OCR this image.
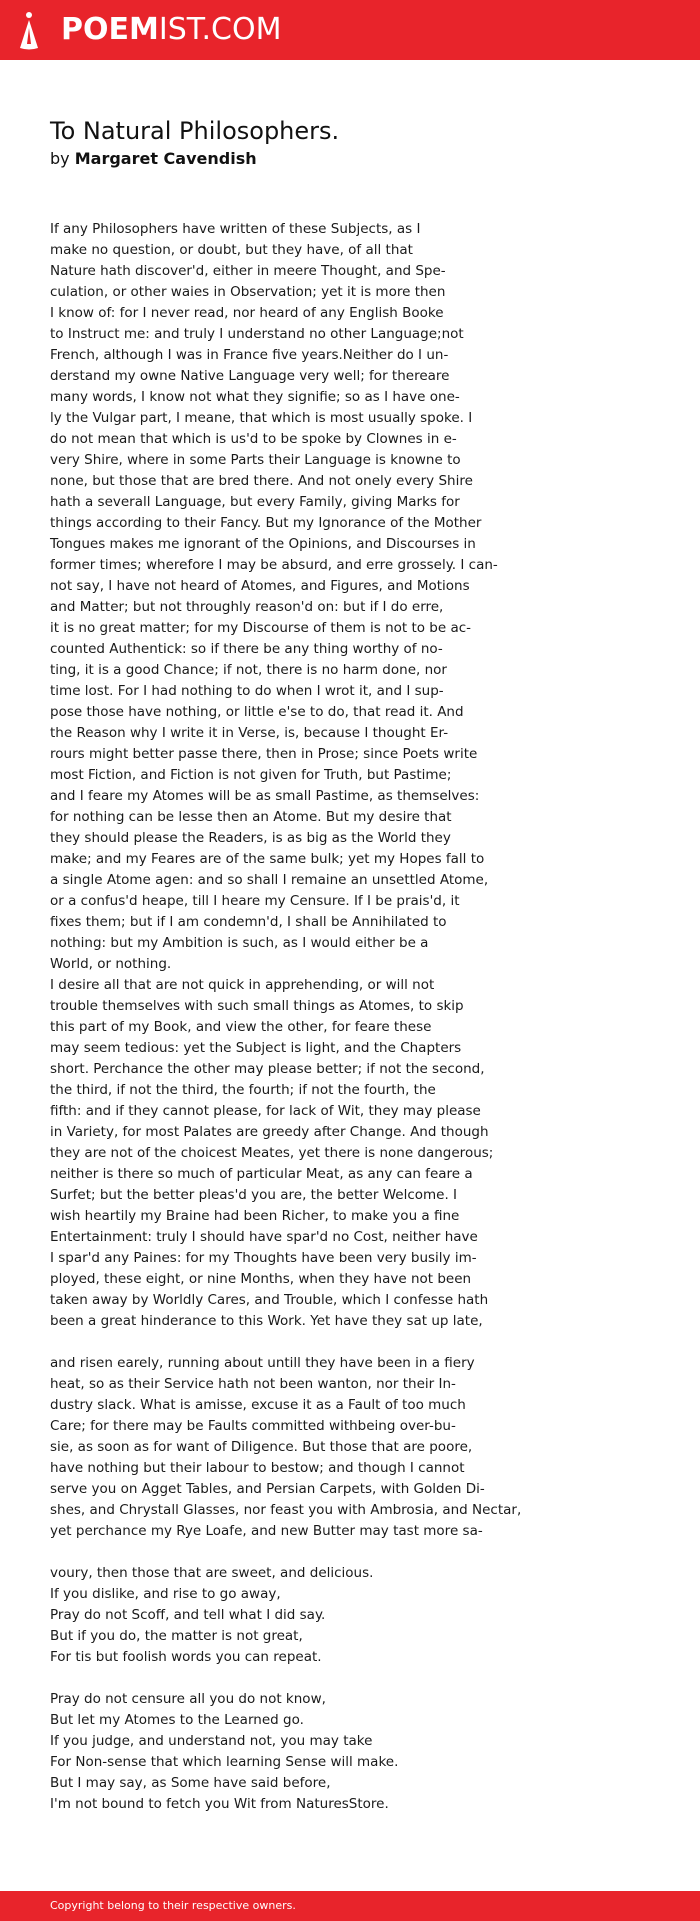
POEMIST.COM
To Natural Philosophers.
by Margaret Cavendish
If any Philosophers have written of these Subjects, as I
make no question, or doubt, but they have, of all that
Nature hath discover'd, either in meere Thought, and Spe-
culation, or other waies in Observation; yet it is more then
I know of: for I never read, nor heard of any English Booke
to Instruct me: and truly I understand no other Language;not
French, although I was in France five years.Neither do I un-
derstand my owne Native Language very well; for thereare
many words, I know not what they signifie; so as I have one-
ly the Vulgar part, I meane, that which is most usually spoke. I
do not mean that which is us'd to be spoke by Clownes in e-
very Shire, where in some Parts their Language is knowne to
none, but those that are bred there. And not onely every Shire
hath a severall Language, but every Family, giving Marks for
things according to their Fancy. But my Ignorance of the Mother
Tongues makes me ignorant of the Opinions, and Discourses in
former times; wherefore I may be absurd, and erre grossely. I can-
not say, I have not heard of Atomes, and Figures, and Motions
and Matter; but not throughly reason'd on: but if I do erre,
it is no great matter; for my Discourse of them is not to be ac-
counted Authentick: so if there be any thing worthy of no-
ting, it is a good Chance; if not, there is no harm done, nor
time lost. For I had nothing to do when I wrot it, and I sup-
pose those have nothing, or little e'se to do, that read it. And
the Reason why I write it in Verse, is, because I thought Er-
rours might better passe there, then in Prose; since Poets write
most Fiction, and Fiction is not given for Truth, but Pastime;
and I feare my Atomes will be as small Pastime, as themselves:
for nothing can be lesse then an Atome. But my desire that
they should please the Readers, is as big as the World they
make; and my Feares are of the same bulk; yet my Hopes fall to
a single Atome agen: and so shall I remaine an unsettled Atome,
or a confus'd heape, till I heare my Censure. If I be prais'd, it
fixes them; but if I am condemn'd, I shall be Annihilated to
nothing: but my Ambition is such, as I would either be a
World, or nothing.
I desire all that are not quick in apprehending, or will not
trouble themselves with such small things as Atomes, to skip
this part of my Book, and view the other, for feare these
may seem tedious: yet the Subject is light, and the Chapters
short. Perchance the other may please better; if not the second,
the third, if not the third, the fourth; if not the fourth, the
fifth: and if they cannot please, for lack of Wit, they may please
in Variety, for most Palates are greedy after Change. And though
they are not of the choicest Meates, yet there is none dangerous;
neither is there so much of particular Meat, as any can feare a
Surfet; but the better pleas'd you are, the better Welcome. I
wish heartily my Braine had been Richer, to make you a fine
Entertainment: truly I should have spar'd no Cost, neither have
I spar'd any Paines: for my Thoughts have been very busily im-
ployed, these eight, or nine Months, when they have not been
taken away by Worldly Cares, and Trouble, which I confesse hath
been a great hinderance to this Work. Yet have they sat up late,
and risen earely, running about untill they have been in a fiery
heat, so as their Service hath not been wanton, nor their In-
dustry slack. What is amisse, excuse it as a Fault of too much
Care; for there may be Faults committed withbeing over-bu-
sie, as soon as for want of Diligence. But those that are poore,
have nothing but their labour to bestow; and though I cannot
serve you on Agget Tables, and Persian Carpets, with Golden Di-
shes, and Chrystall Glasses, nor feast you with Ambrosia, and Nectar,
yet perchance my Rye Loafe, and new Butter may tast more sa-
voury, then those that are sweet, and delicious.
If you dislike, and rise to go away,
Pray do not Scoff, and tell what I did say.
But if you do, the matter is not great,
For tis but foolish words you can repeat.
Pray do not censure all you do not know,
But let my Atomes to the Learned go.
If you judge, and understand not, you may take
For Non-sense that which learning Sense will make.
But I may say, as Some have said before,
I'm not bound to fetch you Wit from NaturesStore.
Copyright belong to their respective owners.
